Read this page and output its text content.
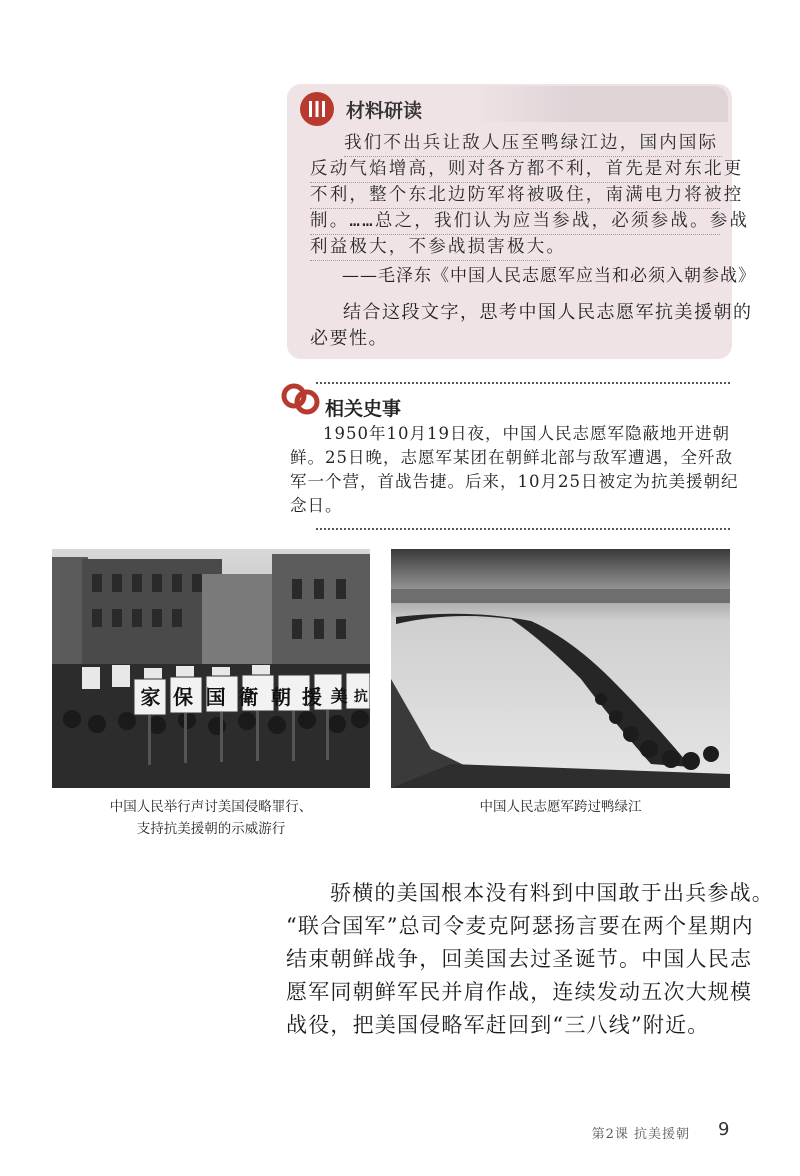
材料研读
我们不出兵让敌人压至鸭绿江边，国内国际
反动气焰增高，则对各方都不利，首先是对东北更
不利，整个东北边防军将被吸住，南满电力将被控
制。……总之，我们认为应当参战，必须参战。参战
利益极大，不参战损害极大。
——毛泽东《中国人民志愿军应当和必须入朝参战》
结合这段文字，思考中国人民志愿军抗美援朝的
必要性。
相关史事
1950年10月19日夜，中国人民志愿军隐蔽地开进朝
鲜。25日晚，志愿军某团在朝鲜北部与敌军遭遇，全歼敌
军一个营，首战告捷。后来，10月25日被定为抗美援朝纪
念日。
家 保 国 衛 朝 援 美 抗
中国人民举行声讨美国侵略罪行、
支持抗美援朝的示威游行
中国人民志愿军跨过鸭绿江
骄横的美国根本没有料到中国敢于出兵参战。
“联合国军”总司令麦克阿瑟扬言要在两个星期内
结束朝鲜战争，回美国去过圣诞节。中国人民志
愿军同朝鲜军民并肩作战，连续发动五次大规模
战役，把美国侵略军赶回到“三八线”附近。
第2课 抗美援朝 9
